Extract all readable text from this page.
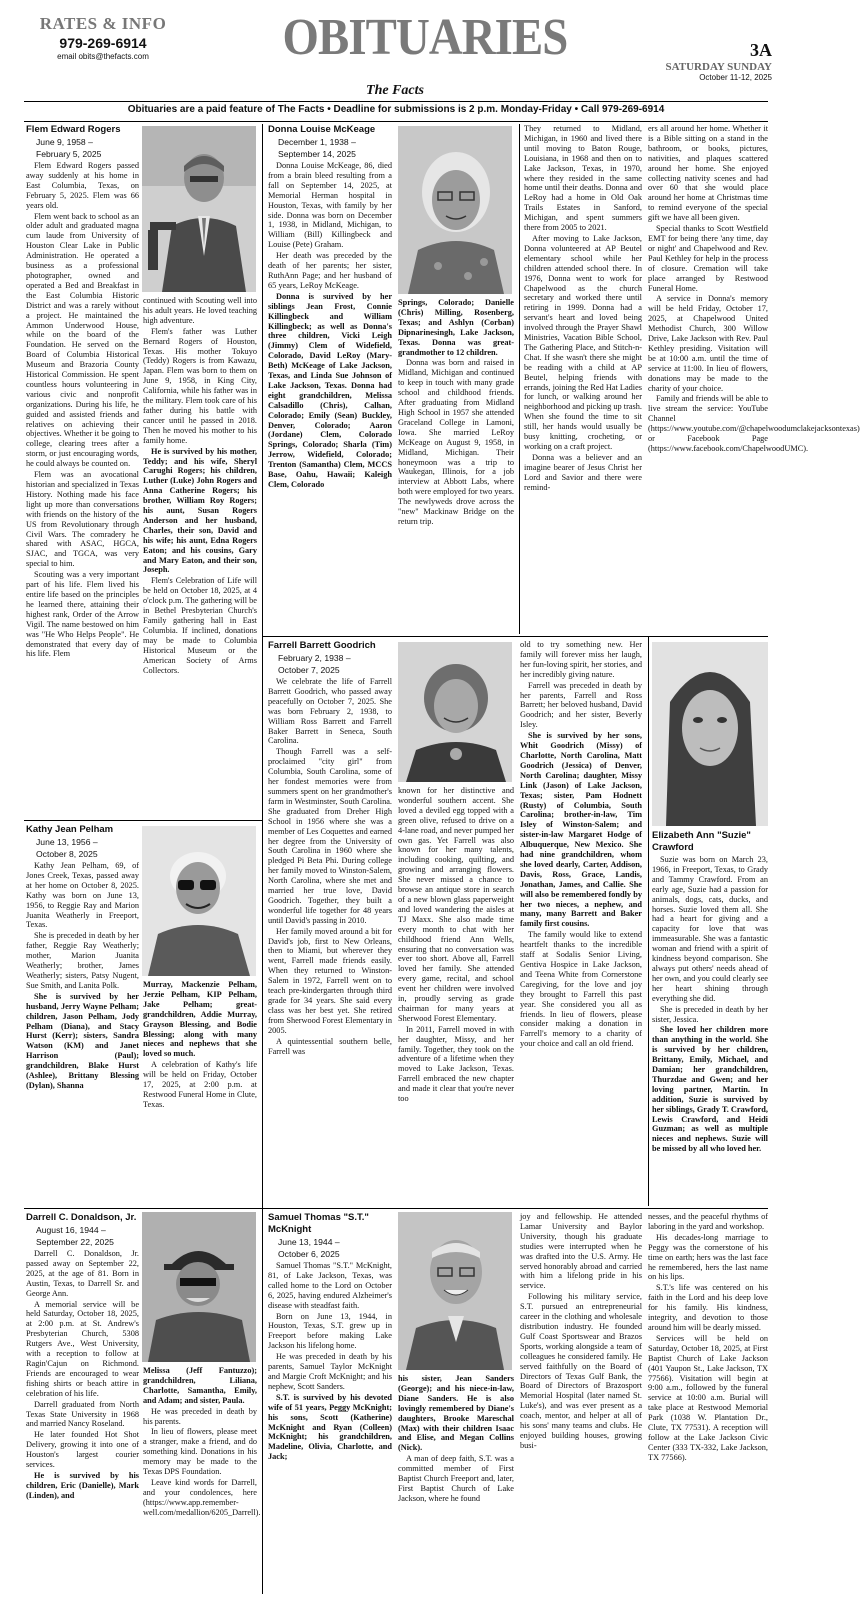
RATES & INFO
979-269-6914
email obits@thefacts.com	OBITUARIES
The Facts
3A
SATURDAY SUNDAY
October 11-12, 2025
Obituaries are a paid feature of The Facts • Deadline for submissions is 2 p.m. Monday-Friday • Call 979-269-6914

Flem Edward Rogers

June 9, 1958 –

February 5, 2025

Flem Edward Rogers passed away suddenly at his home in East Columbia, Texas, on February 5, 2025. Flem was 66 years old.

Flem went back to school as an older adult and graduated magna cum laude from University of Houston Clear Lake in Public Administration. He operated a business as a professional photographer, owned and operated a Bed and Breakfast in the East Columbia Historic District and was a rarely without a project. He maintained the Ammon Underwood House, while on the board of the Foundation. He served on the Board of Columbia Historical Museum and Brazoria County Historical Commission. He spent countless hours volunteering in various civic and nonprofit organizations. During his life, he guided and assisted friends and relatives on achieving their objectives. Whether it be going to college, clearing trees after a storm, or just encouraging words, he could always be counted on.

Flem was an avocational historian and specialized in Texas History. Nothing made his face light up more than conversations with friends on the history of the US from Revolutionary through Civil Wars. The comradery he shared with ASAC, HGCA, SJAC, and TGCA, was very special to him.

Scouting was a very important part of his life. Flem lived his entire life based on the principles he learned there, attaining their highest rank, Order of the Arrow Vigil. The name bestowed on him was "He Who Helps People". He demonstrated that every day of his life. Flem

continued with Scouting well into his adult years. He loved teaching high adventure.

Flem's father was Luther Bernard Rogers of Houston, Texas. His mother Tokuyo (Teddy) Rogers is from Kawazu, Japan. Flem was born to them on June 9, 1958, in King City, California, while his father was in the military. Flem took care of his father during his battle with cancer until he passed in 2018. Then he moved his mother to his family home.

He is survived by his mother, Teddy; and his wife, Sheryl Carughi Rogers; his children, Luther (Luke) John Rogers and Anna Catherine Rogers; his brother, William Roy Rogers; his aunt, Susan Rogers Anderson and her husband, Charles, their son, David and his wife; his aunt, Edna Rogers Eaton; and his cousins, Gary and Mary Eaton, and their son, Joseph.

Flem's Celebration of Life will be held on October 18, 2025, at 4 o'clock p.m. The gathering will be in Bethel Presbyterian Church's Family gathering hall in East Columbia. If inclined, donations may be made to Columbia Historical Museum or the American Society of Arms Collectors.

Kathy Jean Pelham

June 13, 1956 –

October 8, 2025

Kathy Jean Pelham, 69, of Jones Creek, Texas, passed away at her home on October 8, 2025. Kathy was born on June 13, 1956, to Reggie Ray and Marion Juanita Weatherly in Freeport, Texas.

She is preceded in death by her father, Reggie Ray Weatherly; mother, Marion Juanita Weatherly; brother, James Weatherly; sisters, Patsy Nugent, Sue Smith, and Lanita Polk.

She is survived by her husband, Jerry Wayne Pelham; children, Jason Pelham, Jody Pelham (Diana), and Stacy Hurst (Kerr); sisters, Sandra Watson (KM) and Janet Harrison (Paul); grandchildren, Blake Hurst (Ashlee), Brittany Blessing (Dylan), Shanna

Murray, Mackenzie Pelham, Jerzie Pelham, KIP Pelham, Jake Pelham; great-grandchildren, Addie Murray, Grayson Blessing, and Bodie Blessing; along with many nieces and nephews that she loved so much.

A celebration of Kathy's life will be held on Friday, October 17, 2025, at 2:00 p.m. at Restwood Funeral Home in Clute, Texas.

Darrell C. Donaldson, Jr.

August 16, 1944 –

September 22, 2025

Darrell C. Donaldson, Jr. passed away on September 22, 2025, at the age of 81. Born in Austin, Texas, to Darrell Sr. and George Ann.

A memorial service will be held Saturday, October 18, 2025, at 2:00 p.m. at St. Andrew's Presbyterian Church, 5308 Rutgers Ave., West University, with a reception to follow at Ragin'Cajun on Richmond. Friends are encouraged to wear fishing shirts or beach attire in celebration of his life.

Darrell graduated from North Texas State University in 1968 and married Nancy Roseland.

He later founded Hot Shot Delivery, growing it into one of Houston's largest courier services.

He is survived by his children, Eric (Danielle), Mark (Linden), and

Melissa (Jeff Fantuzzo); grandchildren, Liliana, Charlotte, Samantha, Emily, and Adam; and sister, Paula.

He was preceded in death by his parents.

In lieu of flowers, please meet a stranger, make a friend, and do something kind. Donations in his memory may be made to the Texas DPS Foundation.

Leave kind words for Darrell, and your condolences, here (https://www.app.remember-well.com/medallion/6205_Darrell).

Donna Louise McKeage

December 1, 1938 –

September 14, 2025

Donna Louise McKeage, 86, died from a brain bleed resulting from a fall on September 14, 2025, at Memorial Herman hospital in Houston, Texas, with family by her side. Donna was born on December 1, 1938, in Midland, Michigan, to William (Bill) Killingbeck and Louise (Pete) Graham.

Her death was preceded by the death of her parents; her sister, RuthAnn Page; and her husband of 65 years, LeRoy McKeage.

Donna is survived by her siblings Jean Frost, Connie Killingbeck and William Killingbeck; as well as Donna's three children, Vicki Leigh (Jimmy) Clem of Widefield, Colorado, David LeRoy (Mary-Beth) McKeage of Lake Jackson, Texas, and Linda Sue Johnson of Lake Jackson, Texas. Donna had eight grandchildren, Melissa Calsadillo (Chris), Calhan, Colorado; Emily (Sean) Buckley, Denver, Colorado; Aaron (Jordane) Clem, Colorado Springs, Colorado; Sharla (Tim) Jerrow, Widefield, Colorado; Trenton (Samantha) Clem, MCCS Base, Oahu, Hawaii; Kaleigh Clem, Colorado

Springs, Colorado; Danielle (Chris) Milling, Rosenberg, Texas; and Ashlyn (Corban) Dipnarinesingh, Lake Jackson, Texas. Donna was great-grandmother to 12 children.

Donna was born and raised in Midland, Michigan and continued to keep in touch with many grade school and childhood friends. After graduating from Midland High School in 1957 she attended Graceland College in Lamoni, Iowa. She married LeRoy McKeage on August 9, 1958, in Midland, Michigan. Their honeymoon was a trip to Waukegan, Illinois, for a job interview at Abbott Labs, where both were employed for two years. The newlyweds drove across the "new" Mackinaw Bridge on the return trip.

They returned to Midland, Michigan, in 1960 and lived there until moving to Baton Rouge, Louisiana, in 1968 and then on to Lake Jackson, Texas, in 1970, where they resided in the same home until their deaths. Donna and LeRoy had a home in Old Oak Trails Estates in Sanford, Michigan, and spent summers there from 2005 to 2021.

After moving to Lake Jackson, Donna volunteered at AP Beutel elementary school while her children attended school there. In 1976, Donna went to work for Chapelwood as the church secretary and worked there until retiring in 1999. Donna had a servant's heart and loved being involved through the Prayer Shawl Ministries, Vacation Bible School, The Gathering Place, and Stitch-n-Chat. If she wasn't there she might be reading with a child at AP Beutel, helping friends with errands, joining the Red Hat Ladies for lunch, or walking around her neighborhood and picking up trash. When she found the time to sit still, her hands would usually be busy knitting, crocheting, or working on a craft project.

Donna was a believer and an imagine bearer of Jesus Christ her Lord and Savior and there were remind-

ers all around her home. Whether it is a Bible sitting on a stand in the bathroom, or books, pictures, nativities, and plaques scattered around her home. She enjoyed collecting nativity scenes and had over 60 that she would place around her home at Christmas time to remind everyone of the special gift we have all been given.

Special thanks to Scott Westfield EMT for being there 'any time, day or night' and Chapelwood and Rev. Paul Kethley for help in the process of closure. Cremation will take place arranged by Restwood Funeral Home.

A service in Donna's memory will be held Friday, October 17, 2025, at Chapelwood United Methodist Church, 300 Willow Drive, Lake Jackson with Rev. Paul Kethley presiding. Visitation will be at 10:00 a.m. until the time of service at 11:00. In lieu of flowers, donations may be made to the charity of your choice.

Family and friends will be able to live stream the service: YouTube Channel (https://www.youtube.com/@chapelwoodumclakejacksontexas) or Facebook Page (https://www.facebook.com/ChapelwoodUMC).

Farrell Barrett Goodrich

February 2, 1938 –

October 7, 2025

We celebrate the life of Farrell Barrett Goodrich, who passed away peacefully on October 7, 2025. She was born February 2, 1938, to William Ross Barrett and Farrell Baker Barrett in Seneca, South Carolina.

Though Farrell was a self-proclaimed "city girl" from Columbia, South Carolina, some of her fondest memories were from summers spent on her grandmother's farm in Westminster, South Carolina. She graduated from Dreher High School in 1956 where she was a member of Les Coquettes and earned her degree from the University of South Carolina in 1960 where she pledged Pi Beta Phi. During college her family moved to Winston-Salem, North Carolina, where she met and married her true love, David Goodrich. Together, they built a wonderful life together for 48 years until David's passing in 2010.

Her family moved around a bit for David's job, first to New Orleans, then to Miami, but wherever they went, Farrell made friends easily. When they returned to Winston-Salem in 1972, Farrell went on to teach pre-kindergarten through third grade for 34 years. She said every class was her best yet. She retired from Sherwood Forest Elementary in 2005.

A quintessential southern belle, Farrell was

known for her distinctive and wonderful southern accent. She loved a deviled egg topped with a green olive, refused to drive on a 4-lane road, and never pumped her own gas. Yet Farrell was also known for her many talents, including cooking, quilting, and growing and arranging flowers. She never missed a chance to browse an antique store in search of a new blown glass paperweight and loved wandering the aisles at TJ Maxx. She also made time every month to chat with her childhood friend Ann Wells, ensuring that no conversation was ever too short. Above all, Farrell loved her family. She attended every game, recital, and school event her children were involved in, proudly serving as grade chairman for many years at Sherwood Forest Elementary.

In 2011, Farrell moved in with her daughter, Missy, and her family. Together, they took on the adventure of a lifetime when they moved to Lake Jackson, Texas. Farrell embraced the new chapter and made it clear that you're never too

old to try something new. Her family will forever miss her laugh, her fun-loving spirit, her stories, and her incredibly giving nature.

Farrell was preceded in death by her parents, Farrell and Ross Barrett; her beloved husband, David Goodrich; and her sister, Beverly Isley.

She is survived by her sons, Whit Goodrich (Missy) of Charlotte, North Carolina, Matt Goodrich (Jessica) of Denver, North Carolina; daughter, Missy Link (Jason) of Lake Jackson, Texas; sister, Pam Hodnett (Rusty) of Columbia, South Carolina; brother-in-law, Tim Isley of Winston-Salem; and sister-in-law Margaret Hodge of Albuquerque, New Mexico. She had nine grandchildren, whom she loved dearly, Carter, Addison, Davis, Ross, Grace, Landis, Jonathan, James, and Callie. She will also be remembered fondly by her two nieces, a nephew, and many, many Barrett and Baker family first cousins.

The family would like to extend heartfelt thanks to the incredible staff at Sodalis Senior Living, Gentiva Hospice in Lake Jackson, and Teena White from Cornerstone Caregiving, for the love and joy they brought to Farrell this past year. She considered you all as friends. In lieu of flowers, please consider making a donation in Farrell's memory to a charity of your choice and call an old friend.

Elizabeth Ann "Suzie" Crawford

Suzie was born on March 23, 1966, in Freeport, Texas, to Grady and Tammy Crawford. From an early age, Suzie had a passion for animals, dogs, cats, ducks, and horses. Suzie loved them all. She had a heart for giving and a capacity for love that was immeasurable. She was a fantastic woman and friend with a spirit of kindness beyond comparison. She always put others' needs ahead of her own, and you could clearly see her heart shining through everything she did.

She is preceded in death by her sister, Jessica.

She loved her children more than anything in the world. She is survived by her children, Brittany, Emily, Michael, and Damian; her grandchildren, Thurzdae and Gwen; and her loving partner, Martin. In addition, Suzie is survived by her siblings, Grady T. Crawford, Lewis Crawford, and Heidi Guzman; as well as multiple nieces and nephews. Suzie will be missed by all who loved her.

Samuel Thomas "S.T." McKnight

June 13, 1944 –

October 6, 2025

Samuel Thomas "S.T." McKnight, 81, of Lake Jackson, Texas, was called home to the Lord on October 6, 2025, having endured Alzheimer's disease with steadfast faith.

Born on June 13, 1944, in Houston, Texas, S.T. grew up in Freeport before making Lake Jackson his lifelong home.

He was preceded in death by his parents, Samuel Taylor McKnight and Margie Croft McKnight; and his nephew, Scott Sanders.

S.T. is survived by his devoted wife of 51 years, Peggy McKnight; his sons, Scott (Katherine) McKnight and Ryan (Colleen) McKnight; his grandchildren, Madeline, Olivia, Charlotte, and Jack;

his sister, Jean Sanders (George); and his niece-in-law, Diane Sanders. He is also lovingly remembered by Diane's daughters, Brooke Mareschal (Max) with their children Isaac and Elise, and Megan Collins (Nick).

A man of deep faith, S.T. was a committed member of First Baptist Church Freeport and, later, First Baptist Church of Lake Jackson, where he found

joy and fellowship. He attended Lamar University and Baylor University, though his graduate studies were interrupted when he was drafted into the U.S. Army. He served honorably abroad and carried with him a lifelong pride in his service.

Following his military service, S.T. pursued an entrepreneurial career in the clothing and wholesale distribution industry. He founded Gulf Coast Sportswear and Brazos Sports, working alongside a team of colleagues he considered family. He served faithfully on the Board of Directors of Texas Gulf Bank, the Board of Directors of Brazosport Memorial Hospital (later named St. Luke's), and was ever present as a coach, mentor, and helper at all of his sons' many teams and clubs. He enjoyed building houses, growing busi-

nesses, and the peaceful rhythms of laboring in the yard and workshop.

His decades-long marriage to Peggy was the cornerstone of his time on earth; hers was the last face he remembered, hers the last name on his lips.

S.T.'s life was centered on his faith in the Lord and his deep love for his family. His kindness, integrity, and devotion to those around him will be dearly missed.

Services will be held on Saturday, October 18, 2025, at First Baptist Church of Lake Jackson (401 Yaupon St., Lake Jackson, TX 77566). Visitation will begin at 9:00 a.m., followed by the funeral service at 10:00 a.m. Burial will take place at Restwood Memorial Park (1038 W. Plantation Dr., Clute, TX 77531). A reception will follow at the Lake Jackson Civic Center (333 TX-332, Lake Jackson, TX 77566).
